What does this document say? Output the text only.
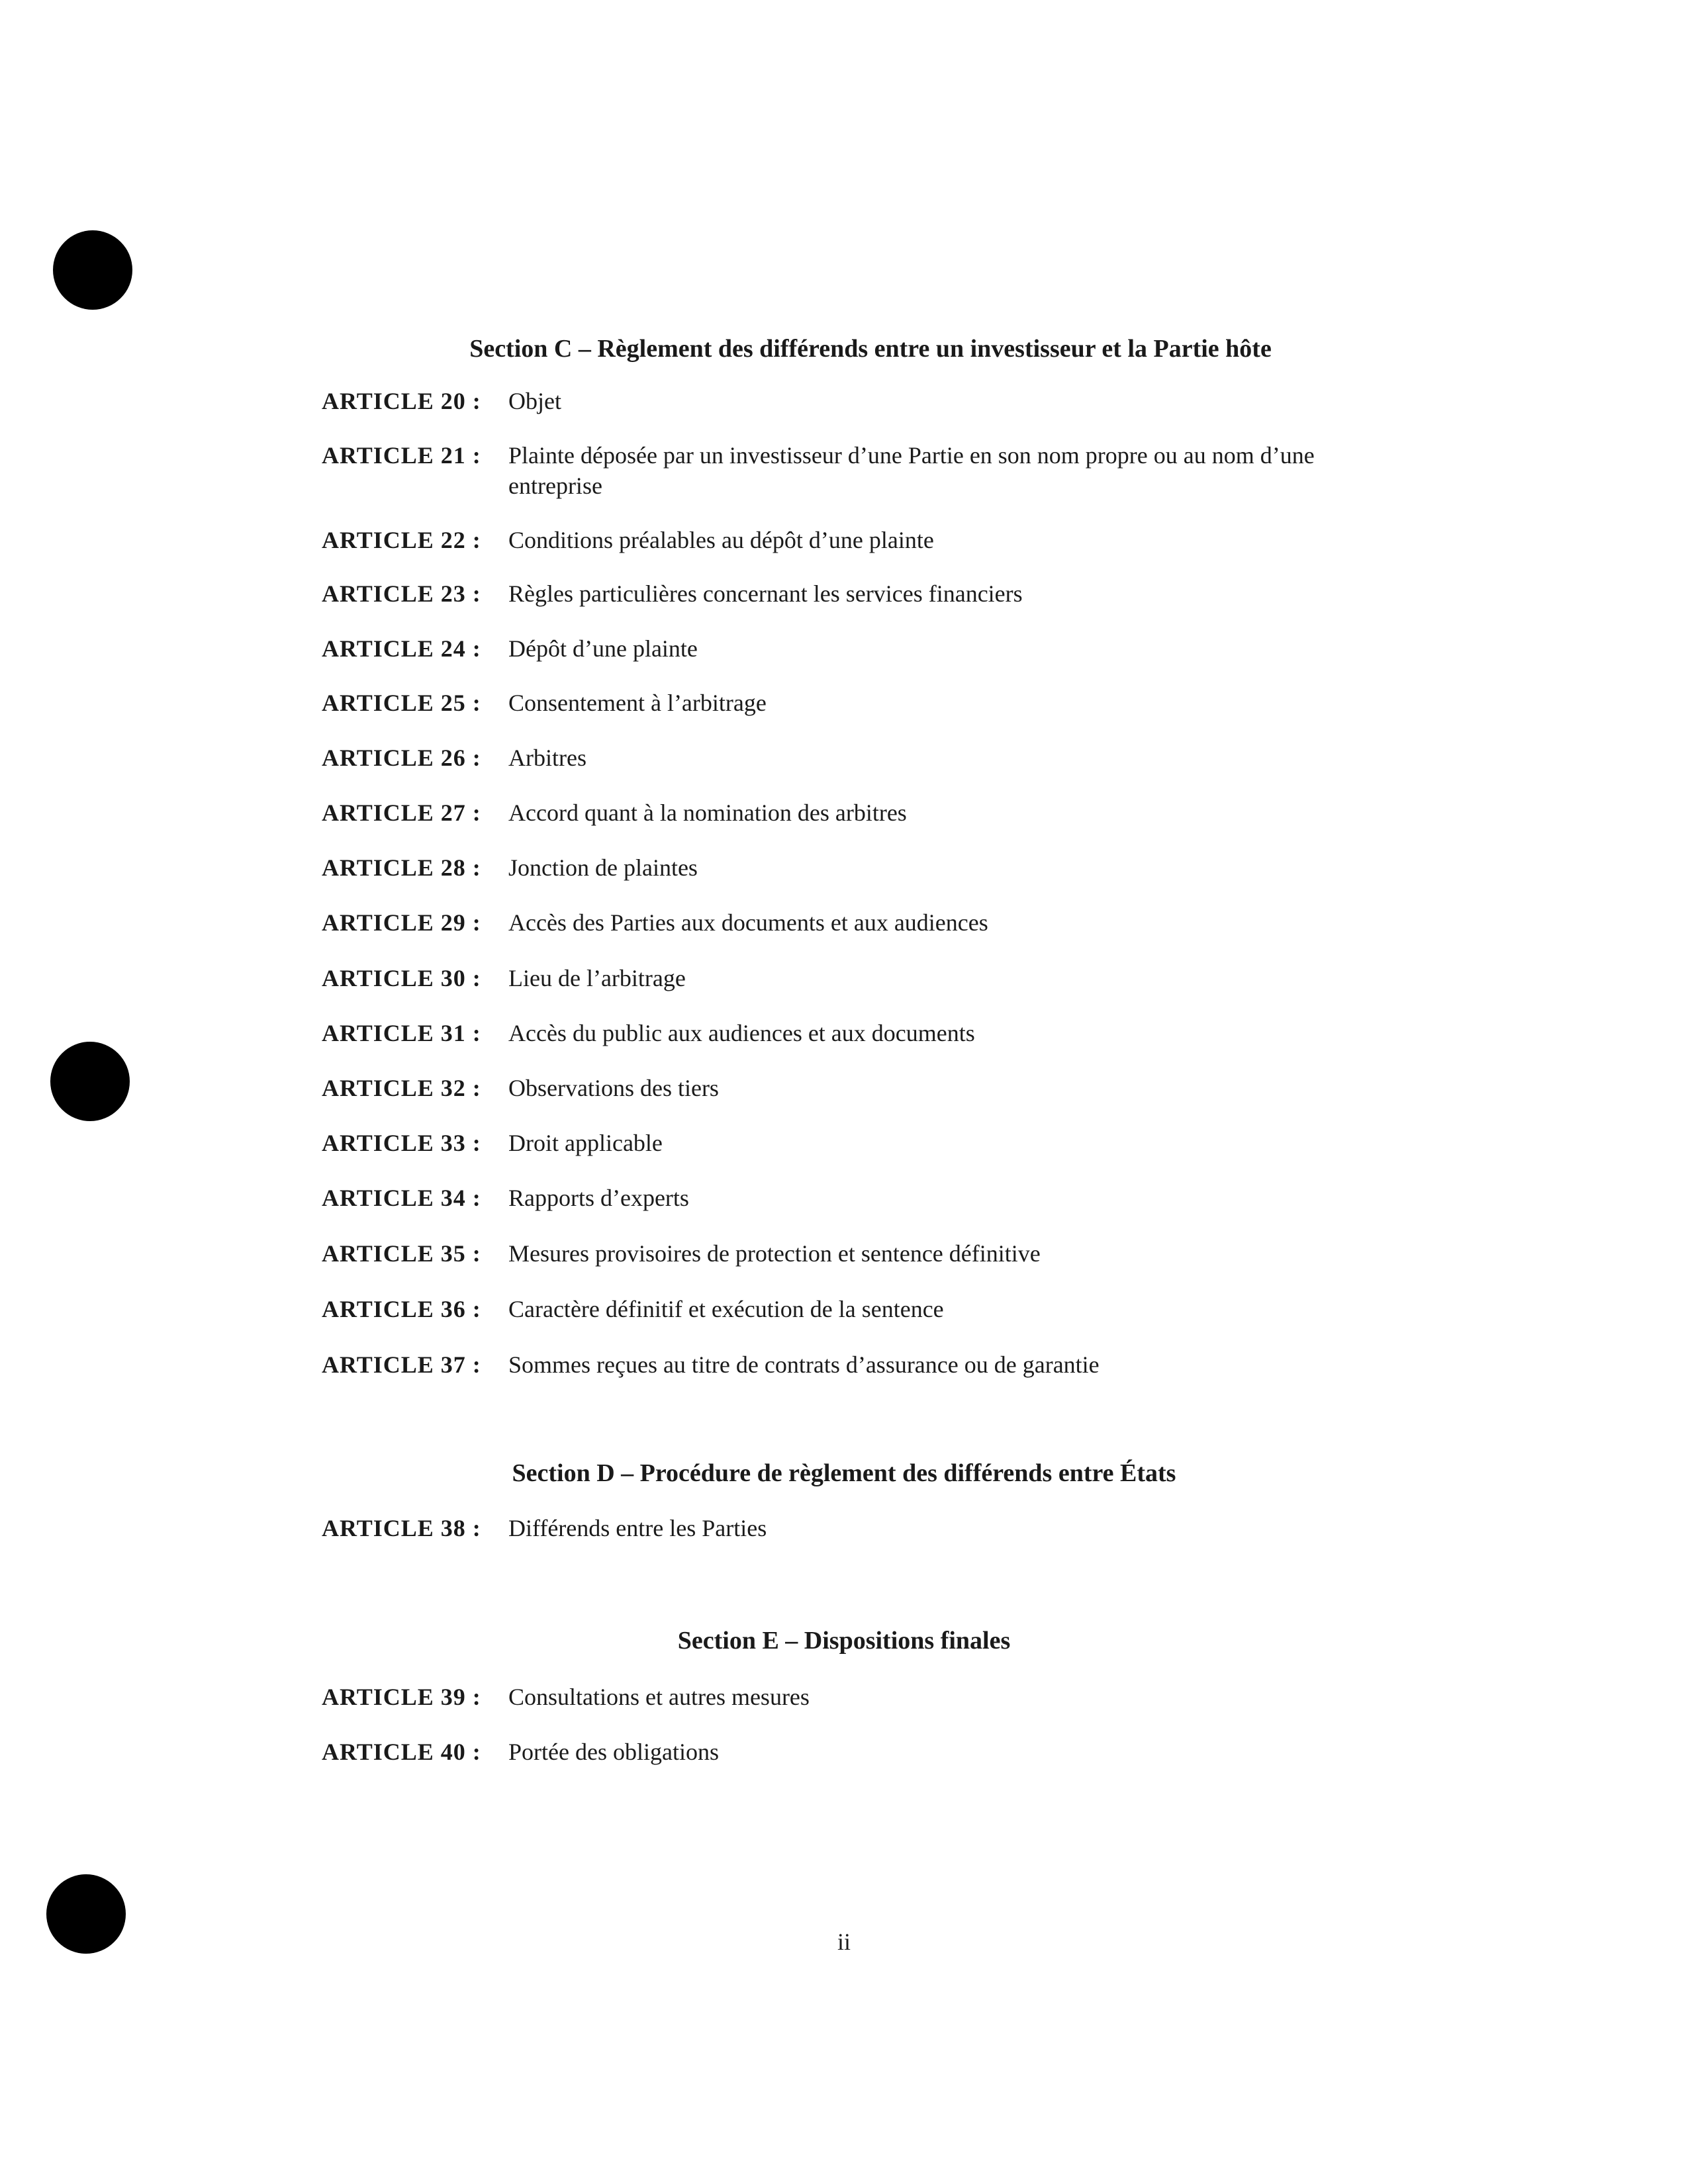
Section C – Règlement des différends entre un investisseur et la Partie hôte
ARTICLE 20 : Objet
ARTICLE 21 : Plainte déposée par un investisseur d’une Partie en son nom propre ou au nom d’une entreprise
ARTICLE 22 : Conditions préalables au dépôt d’une plainte
ARTICLE 23 : Règles particulières concernant les services financiers
ARTICLE 24 : Dépôt d’une plainte
ARTICLE 25 : Consentement à l’arbitrage
ARTICLE 26 : Arbitres
ARTICLE 27 : Accord quant à la nomination des arbitres
ARTICLE 28 : Jonction de plaintes
ARTICLE 29 : Accès des Parties aux documents et aux audiences
ARTICLE 30 : Lieu de l’arbitrage
ARTICLE 31 : Accès du public aux audiences et aux documents
ARTICLE 32 : Observations des tiers
ARTICLE 33 : Droit applicable
ARTICLE 34 : Rapports d’experts
ARTICLE 35 : Mesures provisoires de protection et sentence définitive
ARTICLE 36 : Caractère définitif et exécution de la sentence
ARTICLE 37 : Sommes reçues au titre de contrats d’assurance ou de garantie
Section D – Procédure de règlement des différends entre États
ARTICLE 38 : Différends entre les Parties
Section E – Dispositions finales
ARTICLE 39 : Consultations et autres mesures
ARTICLE 40 : Portée des obligations
ii
